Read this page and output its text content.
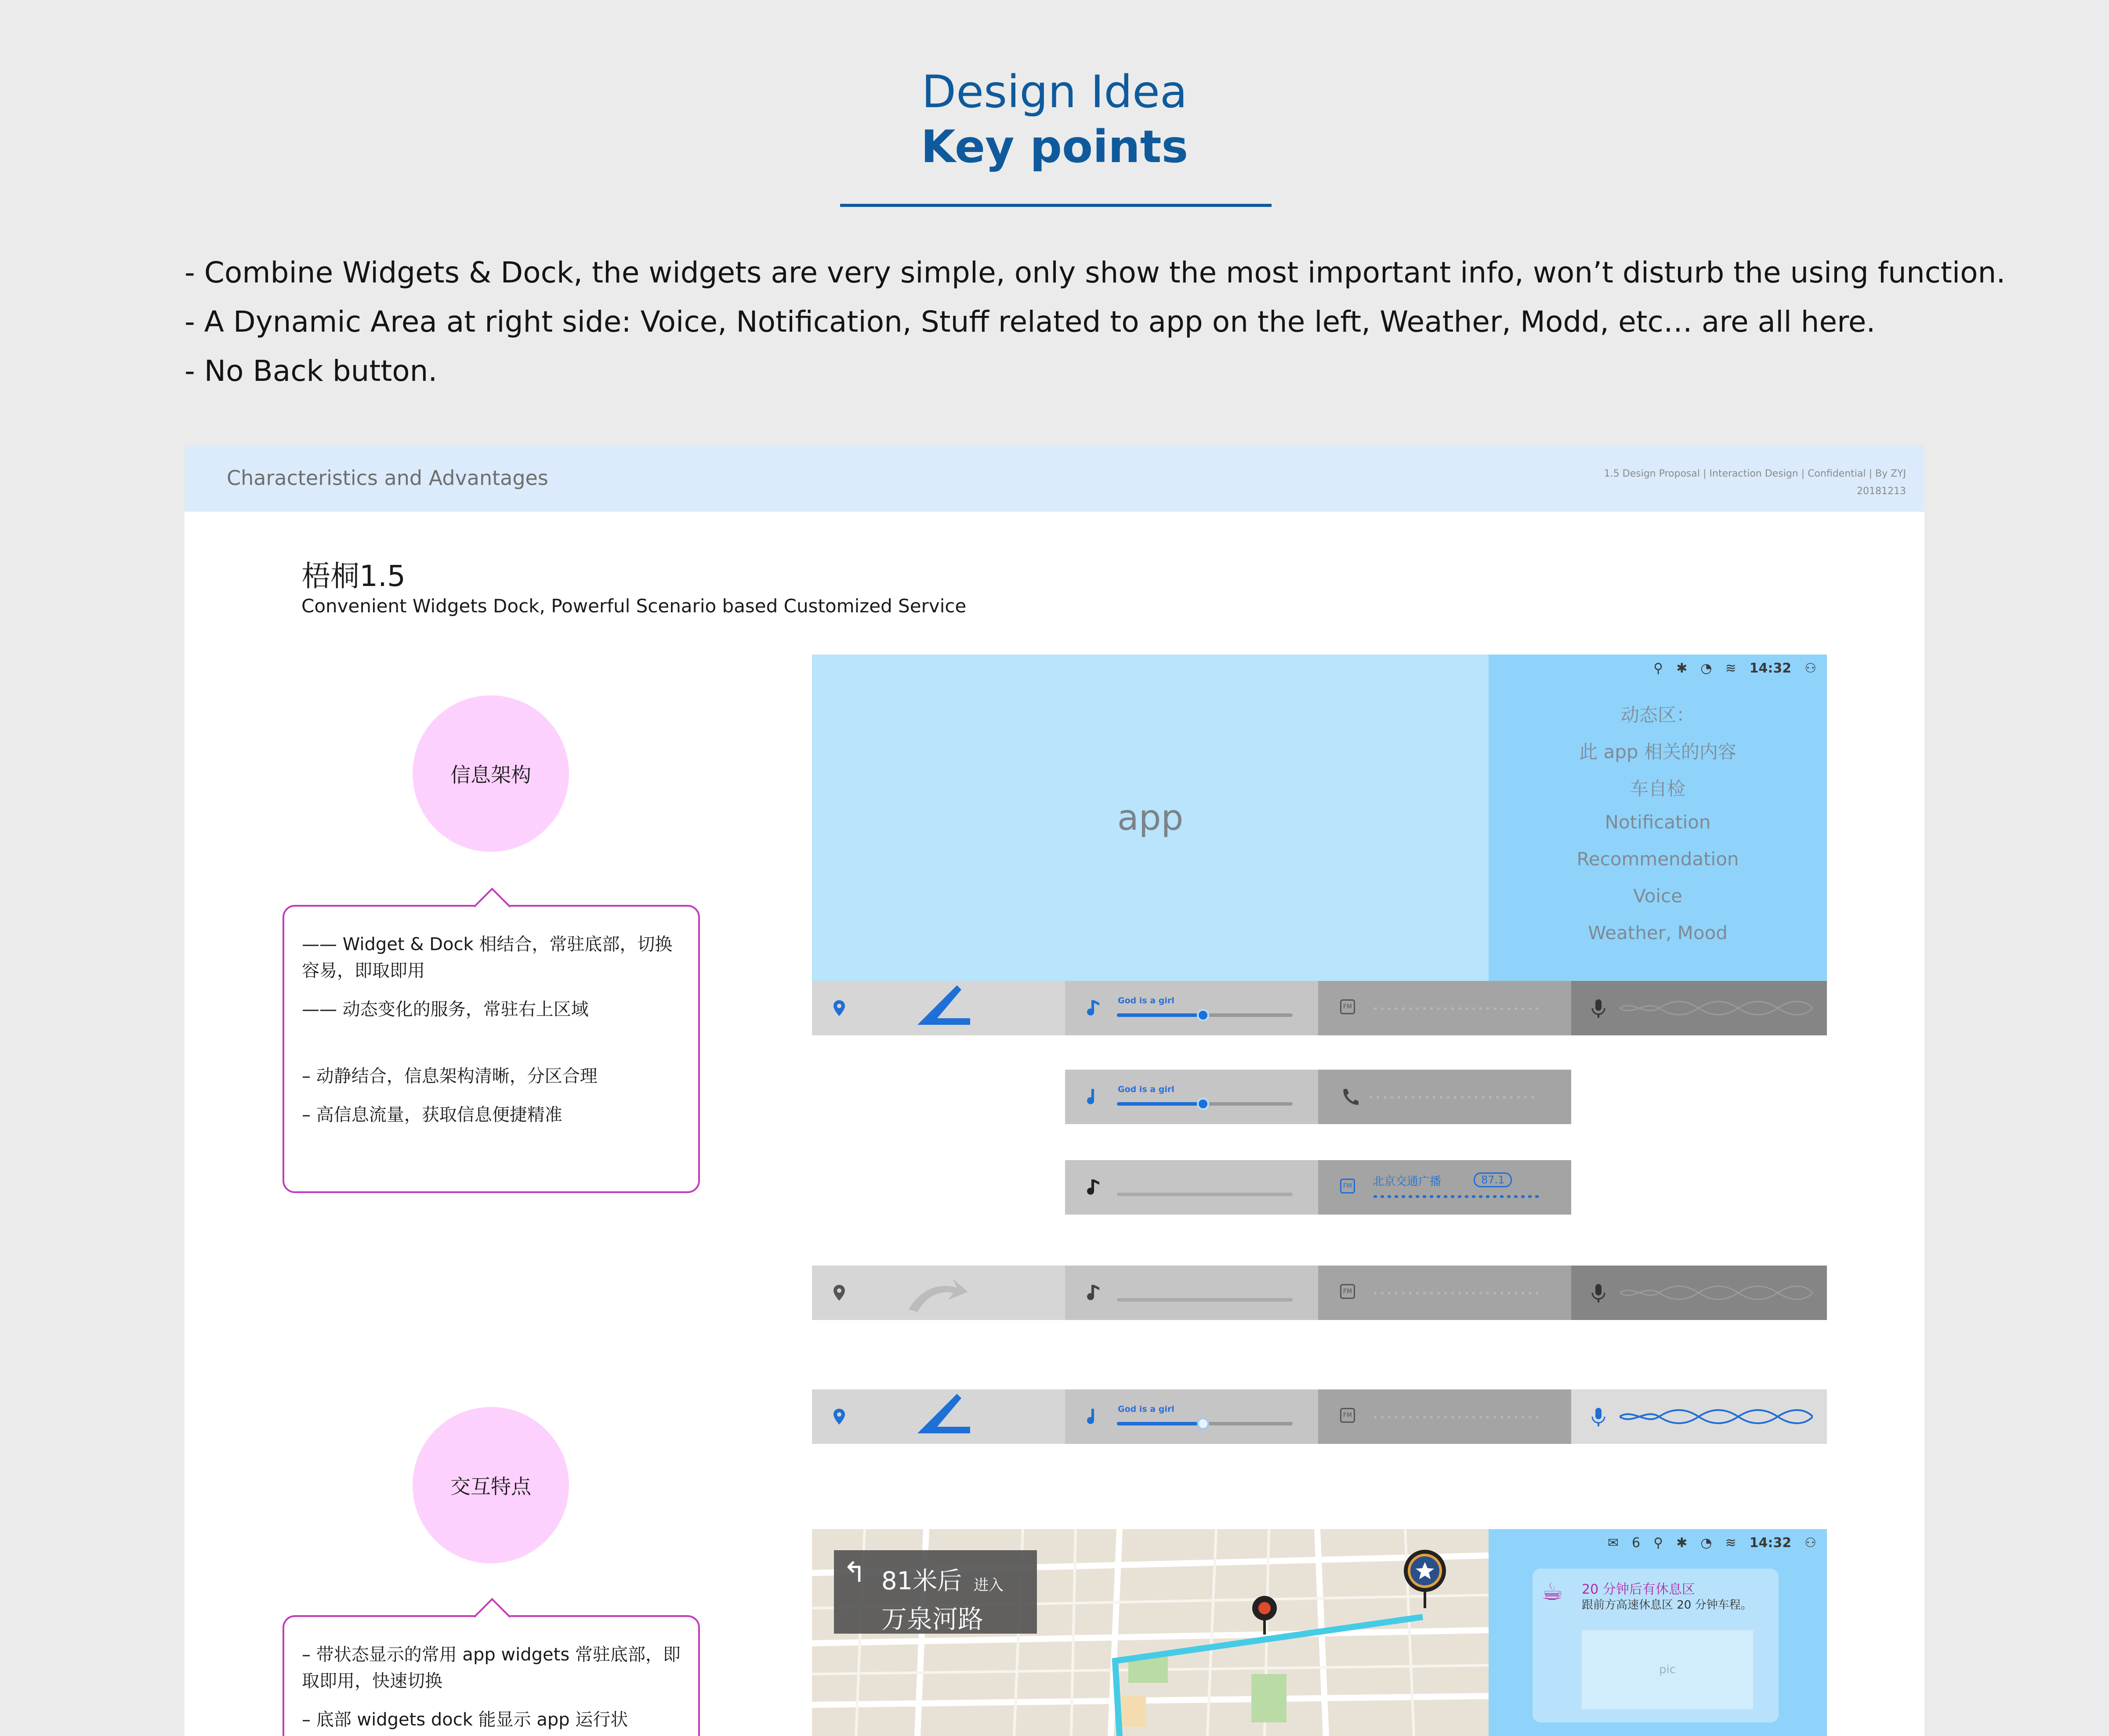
Design Idea
Key points
- Combine Widgets & Dock, the widgets are very simple, only show the most important info, won’t disturb the using function.
- A Dynamic Area at right side: Voice, Notification, Stuff related to app on the left, Weather, Modd, etc… are all here.
- No Back button.
Characteristics and Advantages	1.5 Design Proposal | Interaction Design | Confidential | By ZYJ
20181213
梧桐1.5
Convenient Widgets Dock, Powerful Scenario based Customized Service
信息架构

—— Widget & Dock 相结合，常驻底部，切换容易，即取即用

—— 动态变化的服务，常驻右上区域

– 动静结合，信息架构清晰，分区合理

– 高信息流量，获取信息便捷精准

交互特点

– 带状态显示的常用 app widgets 常驻底部，即取即用，快速切换

– 底部 widgets dock 能显示 app 运行状

app
⚲ ✱ ◔ ≋ 14:32 ⚇
动态区：
此 app 相关的内容
车自检
Notification
Recommendation
Voice
Weather, Mood
God is a girl
FM
God is a girl
FM 北京交通广播	87.1
FM
God is a girl
FM
↰ 81米后 进入
万泉河路
✉ 6 ⚲ ✱ ◔ ≋ 14:32 ⚇
☕ 20 分钟后有休息区
跟前方高速休息区 20 分钟车程。
pic
